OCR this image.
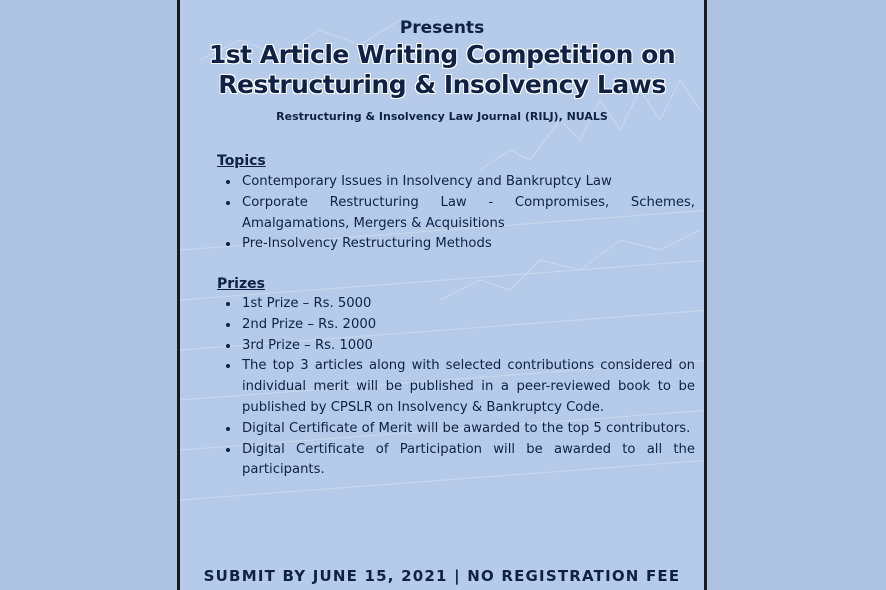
Presents
1st Article Writing Competition on
Restructuring & Insolvency Laws
Restructuring & Insolvency Law Journal (RILJ), NUALS
Topics
• Contemporary Issues in Insolvency and Bankruptcy Law
• Corporate Restructuring Law - Compromises, Schemes, Amalgamations, Mergers & Acquisitions
• Pre-Insolvency Restructuring Methods
Prizes
• 1st Prize – Rs. 5000
• 2nd Prize – Rs. 2000
• 3rd Prize – Rs. 1000
• The top 3 articles along with selected contributions considered on individual merit will be published in a peer-reviewed book to be published by CPSLR on Insolvency & Bankruptcy Code.
• Digital Certificate of Merit will be awarded to the top 5 contributors.
• Digital Certificate of Participation will be awarded to all the participants.
SUBMIT BY JUNE 15, 2021 | NO REGISTRATION FEE
